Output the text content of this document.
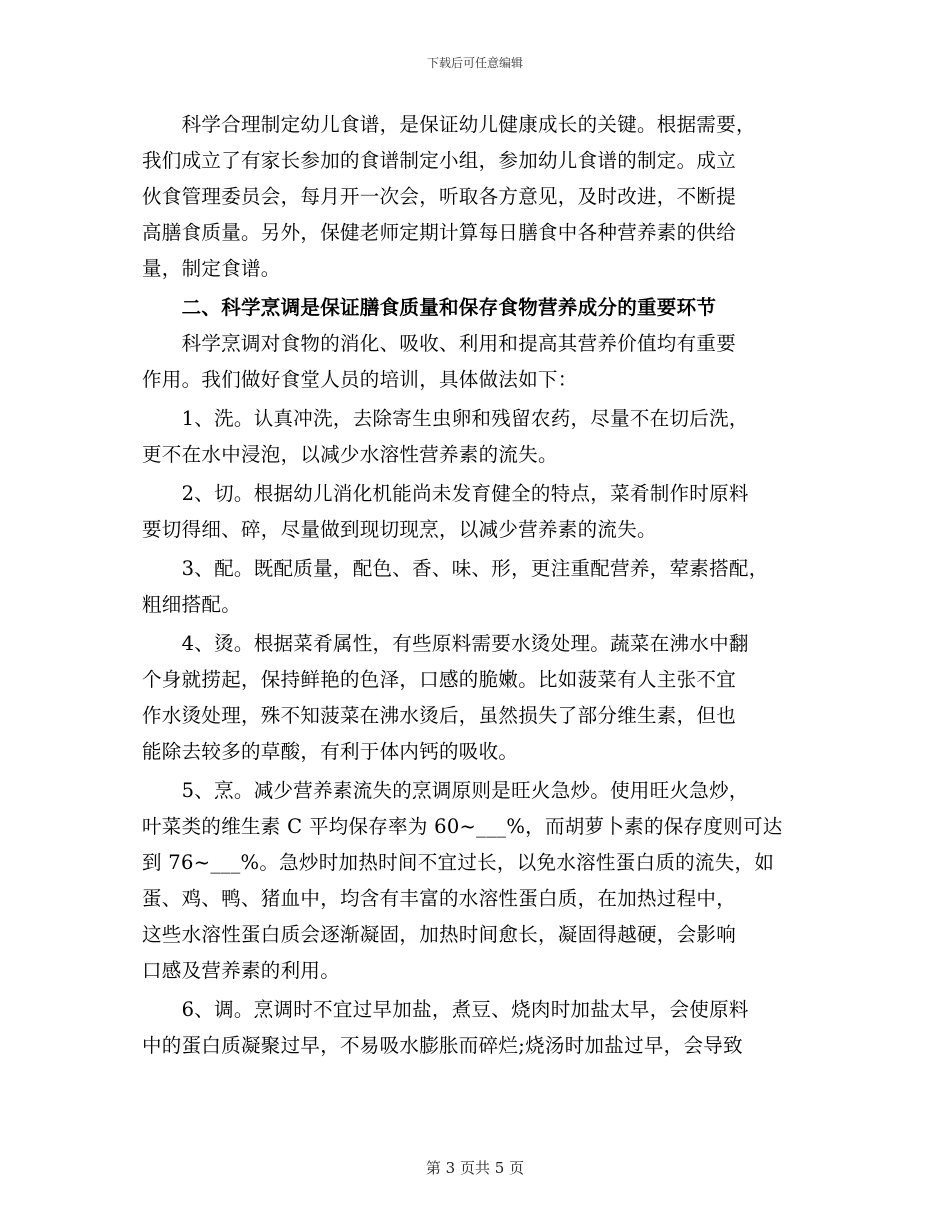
下载后可任意编辑
　　科学合理制定幼儿食谱，是保证幼儿健康成长的关键。根据需要，
我们成立了有家长参加的食谱制定小组，参加幼儿食谱的制定。成立
伙食管理委员会，每月开一次会，听取各方意见，及时改进，不断提
高膳食质量。另外，保健老师定期计算每日膳食中各种营养素的供给
量，制定食谱。
　　二、科学烹调是保证膳食质量和保存食物营养成分的重要环节
　　科学烹调对食物的消化、吸收、利用和提高其营养价值均有重要
作用。我们做好食堂人员的培训，具体做法如下：
　　1、洗。认真冲洗，去除寄生虫卵和残留农药，尽量不在切后洗，
更不在水中浸泡，以减少水溶性营养素的流失。
　　2、切。根据幼儿消化机能尚未发育健全的特点，菜肴制作时原料
要切得细、碎，尽量做到现切现烹，以减少营养素的流失。
　　3、配。既配质量，配色、香、味、形，更注重配营养，荤素搭配，
粗细搭配。
　　4、烫。根据菜肴属性，有些原料需要水烫处理。蔬菜在沸水中翻
个身就捞起，保持鲜艳的色泽，口感的脆嫩。比如菠菜有人主张不宜
作水烫处理，殊不知菠菜在沸水烫后，虽然损失了部分维生素，但也
能除去较多的草酸，有利于体内钙的吸收。
　　5、烹。减少营养素流失的烹调原则是旺火急炒。使用旺火急炒，
叶菜类的维生素 C 平均保存率为 60~___%，而胡萝卜素的保存度则可达
到 76~___%。急炒时加热时间不宜过长，以免水溶性蛋白质的流失，如
蛋、鸡、鸭、猪血中，均含有丰富的水溶性蛋白质，在加热过程中，
这些水溶性蛋白质会逐渐凝固，加热时间愈长，凝固得越硬，会影响
口感及营养素的利用。
　　6、调。烹调时不宜过早加盐，煮豆、烧肉时加盐太早，会使原料
中的蛋白质凝聚过早，不易吸水膨胀而碎烂;烧汤时加盐过早，会导致
第 3 页共 5 页
